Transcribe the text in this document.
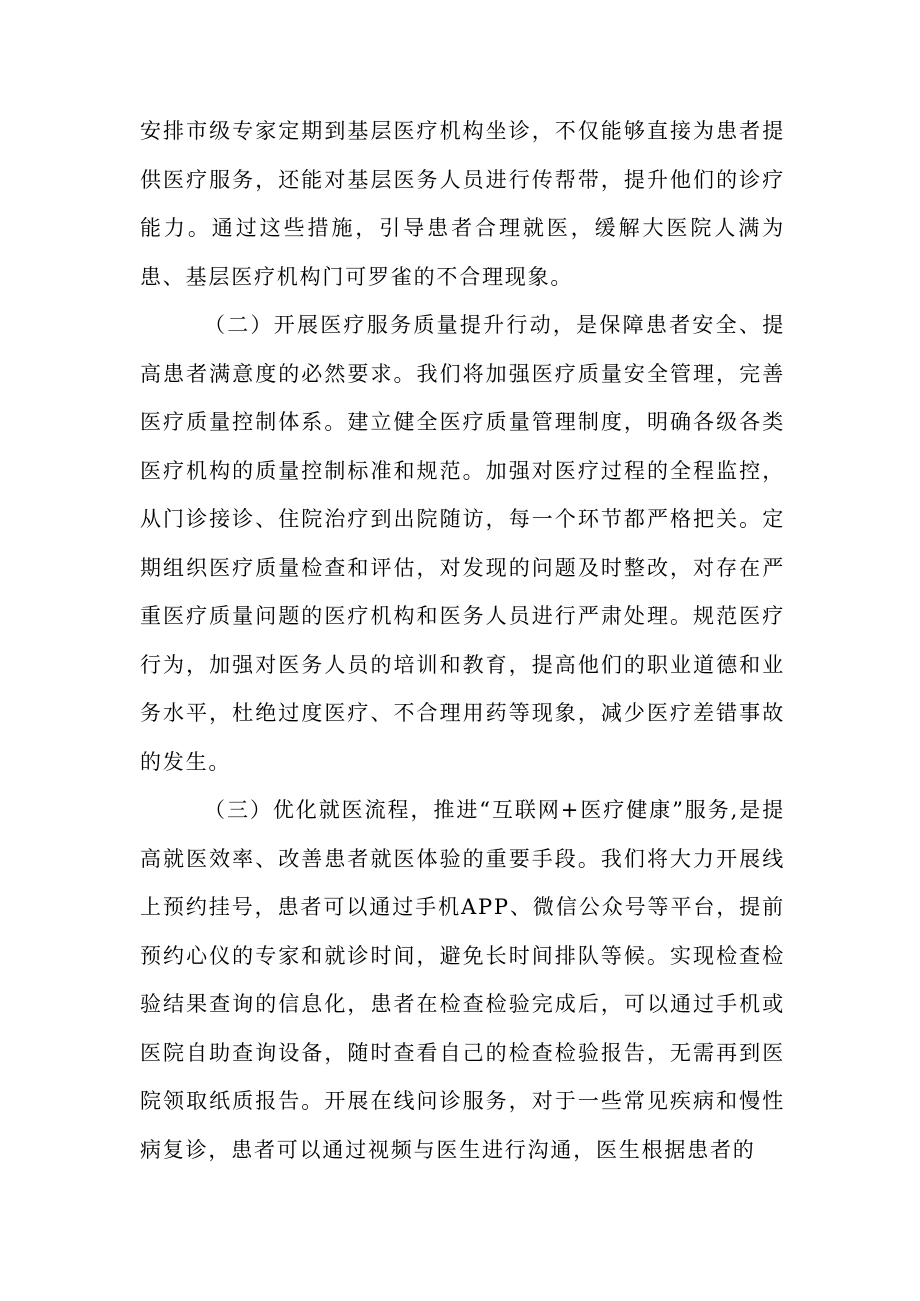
安排市级专家定期到基层医疗机构坐诊，不仅能够直接为患者提供医疗服务，还能对基层医务人员进行传帮带，提升他们的诊疗能力。通过这些措施，引导患者合理就医，缓解大医院人满为患、基层医疗机构门可罗雀的不合理现象。

（二）开展医疗服务质量提升行动，是保障患者安全、提高患者满意度的必然要求。我们将加强医疗质量安全管理，完善医疗质量控制体系。建立健全医疗质量管理制度，明确各级各类医疗机构的质量控制标准和规范。加强对医疗过程的全程监控，从门诊接诊、住院治疗到出院随访，每一个环节都严格把关。定期组织医疗质量检查和评估，对发现的问题及时整改，对存在严重医疗质量问题的医疗机构和医务人员进行严肃处理。规范医疗行为，加强对医务人员的培训和教育，提高他们的职业道德和业务水平，杜绝过度医疗、不合理用药等现象，减少医疗差错事故的发生。

（三）优化就医流程，推进“互联网+医疗健康”服务,是提高就医效率、改善患者就医体验的重要手段。我们将大力开展线上预约挂号，患者可以通过手机APP、微信公众号等平台，提前预约心仪的专家和就诊时间，避免长时间排队等候。实现检查检验结果查询的信息化，患者在检查检验完成后，可以通过手机或医院自助查询设备，随时查看自己的检查检验报告，无需再到医院领取纸质报告。开展在线问诊服务，对于一些常见疾病和慢性病复诊，患者可以通过视频与医生进行沟通，医生根据患者的
